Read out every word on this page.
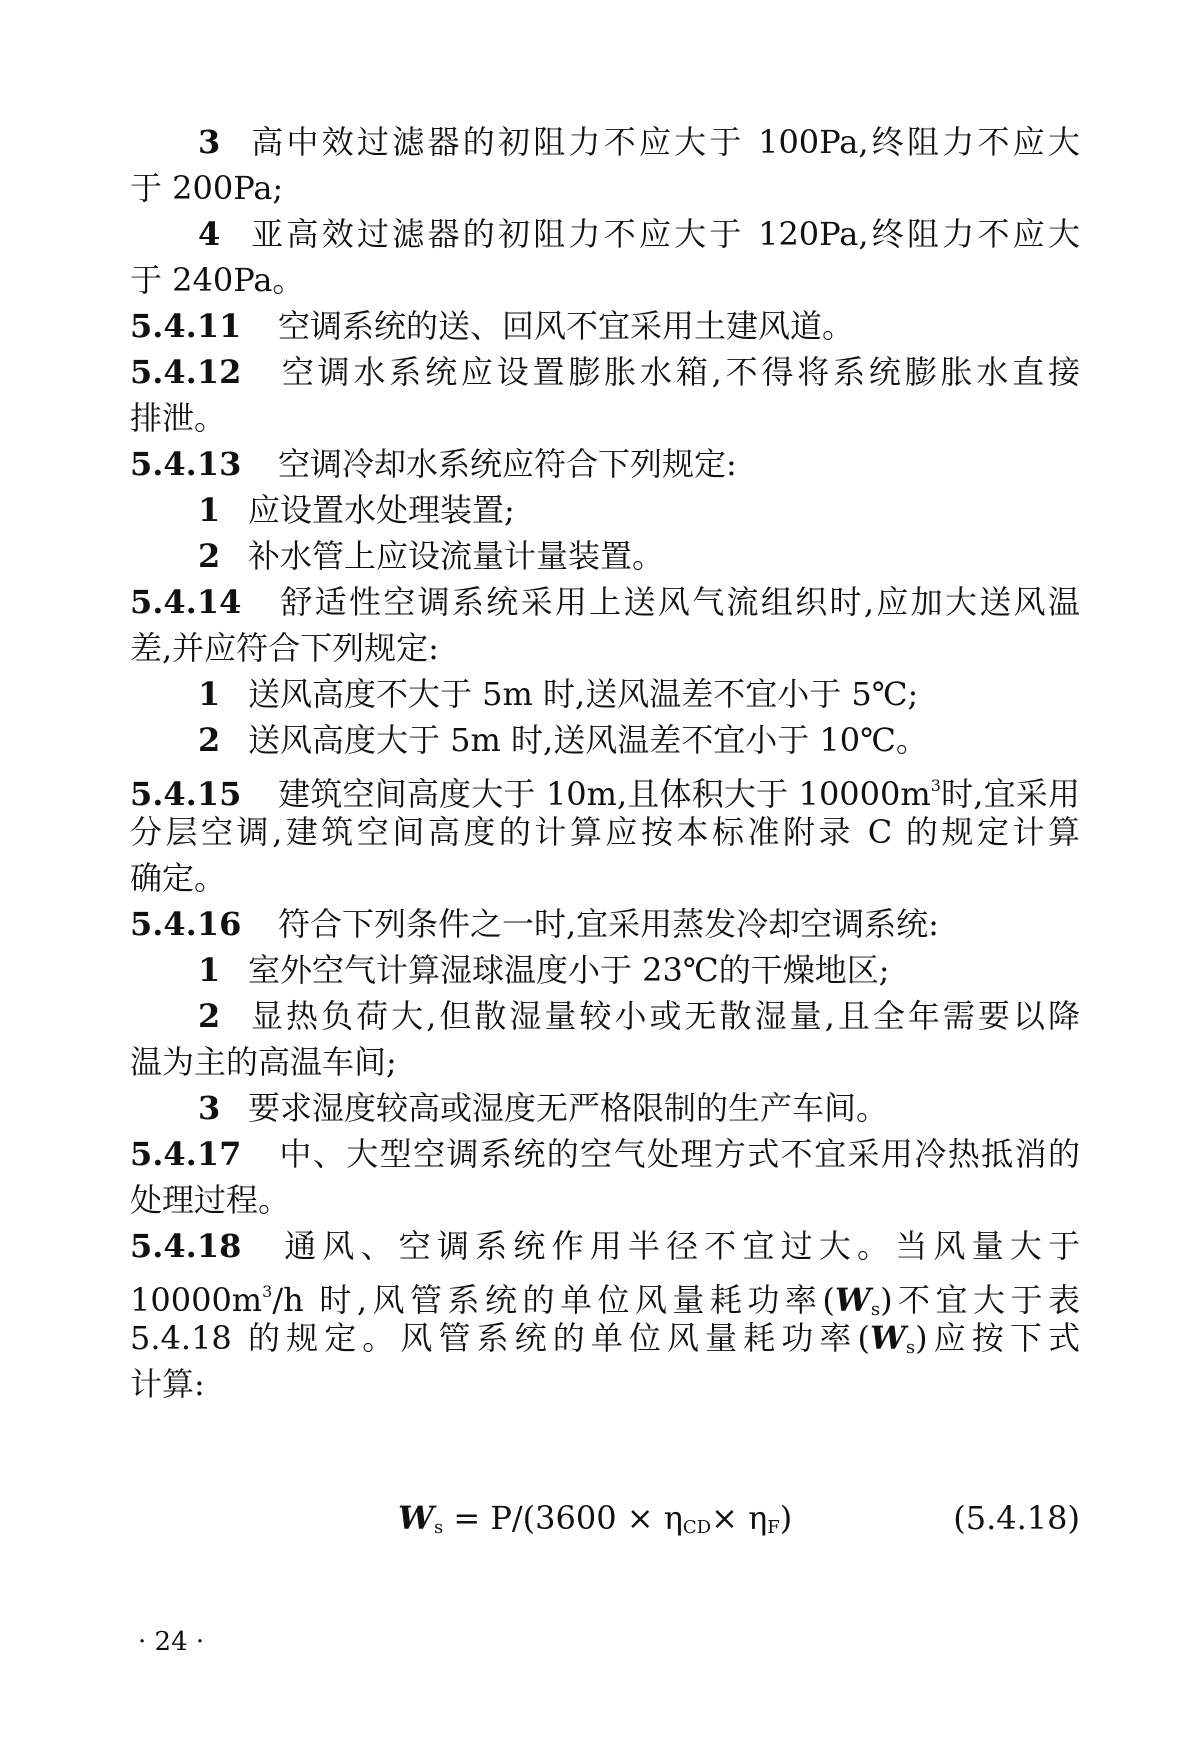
3 高中效过滤器的初阻力不应大于 100Pa,终阻力不应大
于 200Pa;
4 亚高效过滤器的初阻力不应大于 120Pa,终阻力不应大
于 240Pa。
5.4.11 空调系统的送、回风不宜采用土建风道。
5.4.12 空调水系统应设置膨胀水箱,不得将系统膨胀水直接
排泄。
5.4.13 空调冷却水系统应符合下列规定:
1 应设置水处理装置;
2 补水管上应设流量计量装置。
5.4.14 舒适性空调系统采用上送风气流组织时,应加大送风温
差,并应符合下列规定:
1 送风高度不大于 5m 时,送风温差不宜小于 5℃;
2 送风高度大于 5m 时,送风温差不宜小于 10℃。
5.4.15 建筑空间高度大于 10m,且体积大于 $10000m^3$时,宜采用
分层空调,建筑空间高度的计算应按本标准附录 C 的规定计算
确定。
5.4.16 符合下列条件之一时,宜采用蒸发冷却空调系统:
1 室外空气计算湿球温度小于 23℃的干燥地区;
2 显热负荷大,但散湿量较小或无散湿量,且全年需要以降
温为主的高温车间;
3 要求湿度较高或湿度无严格限制的生产车间。
5.4.17 中、大型空调系统的空气处理方式不宜采用冷热抵消的
处理过程。
5.4.18 通风、空调系统作用半径不宜过大。当风量大于
$10000m^3/h$ 时,风管系统的单位风量耗功率$(W_s)$不宜大于表
5.4.18 的规定。风管系统的单位风量耗功率$(W_s)$应按下式
计算:
$W_s = P/(3600 \times \eta_{CD}\times \eta_F)$	(5.4.18)
· 24 ·
